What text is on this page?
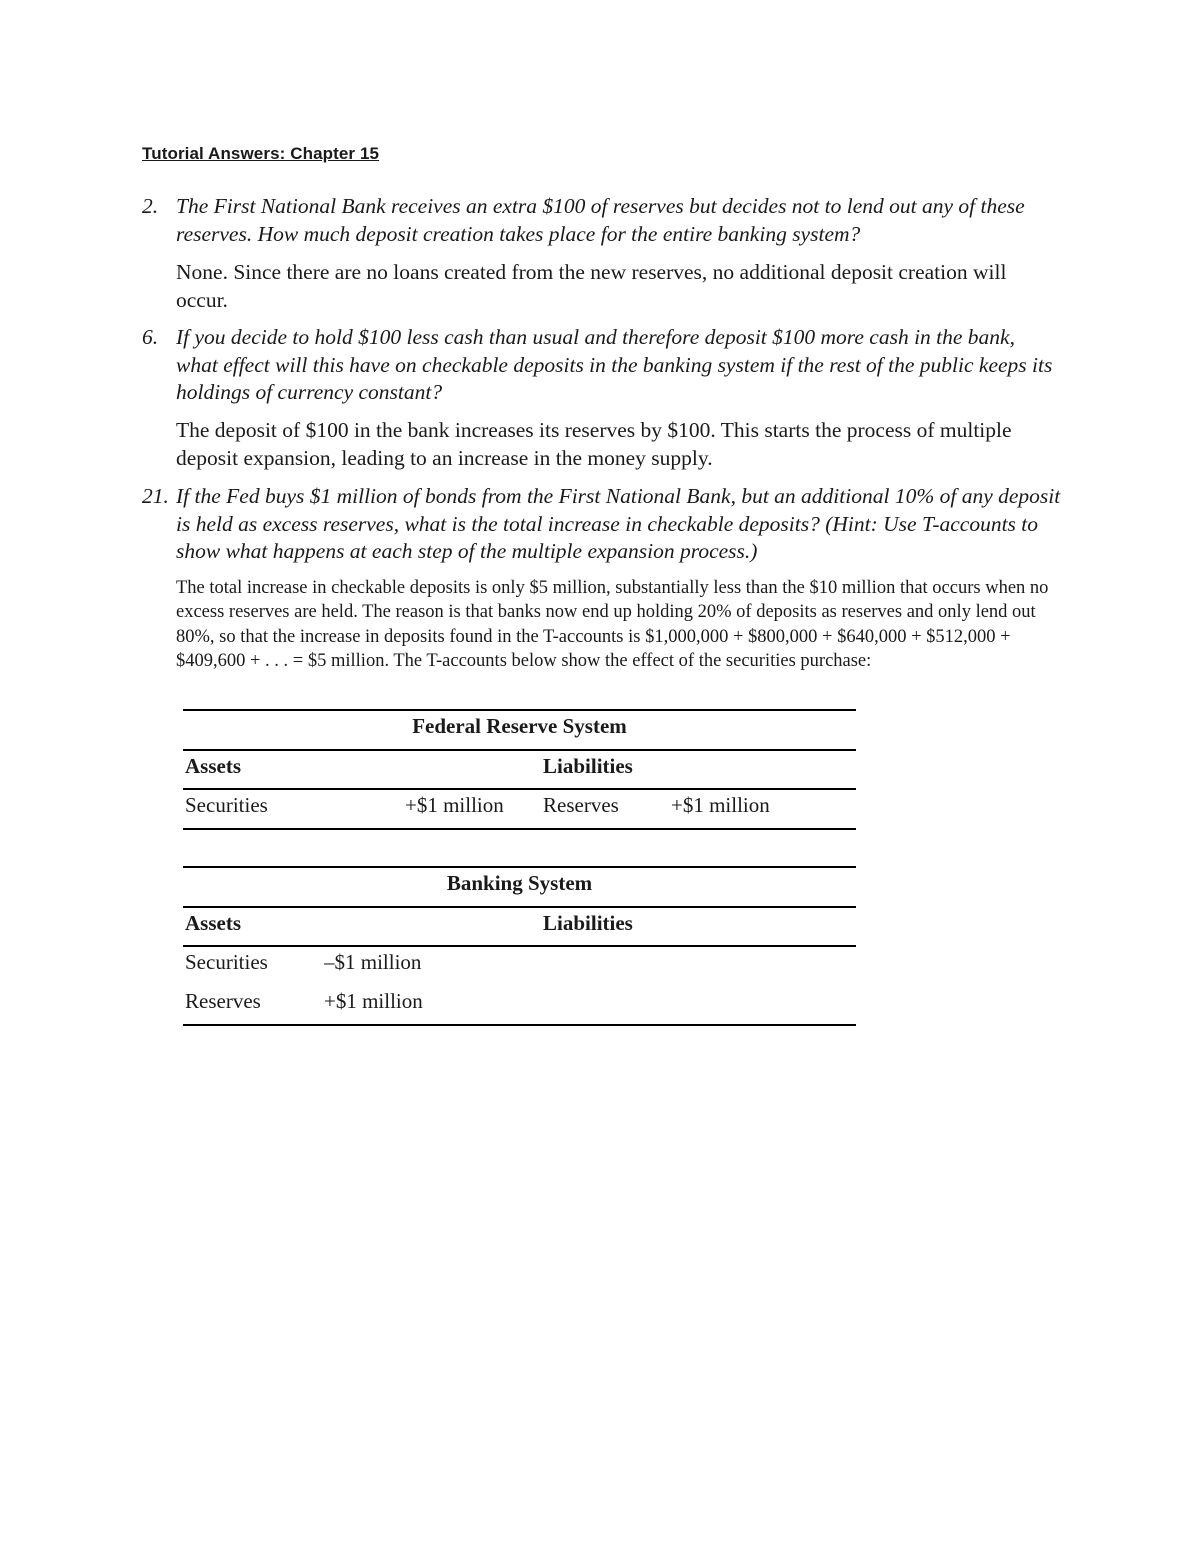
Tutorial Answers: Chapter 15
2. The First National Bank receives an extra $100 of reserves but decides not to lend out any of these reserves. How much deposit creation takes place for the entire banking system?
None. Since there are no loans created from the new reserves, no additional deposit creation will occur.
6. If you decide to hold $100 less cash than usual and therefore deposit $100 more cash in the bank, what effect will this have on checkable deposits in the banking system if the rest of the public keeps its holdings of currency constant?
The deposit of $100 in the bank increases its reserves by $100. This starts the process of multiple deposit expansion, leading to an increase in the money supply.
21. If the Fed buys $1 million of bonds from the First National Bank, but an additional 10% of any deposit is held as excess reserves, what is the total increase in checkable deposits? (Hint: Use T-accounts to show what happens at each step of the multiple expansion process.)
The total increase in checkable deposits is only $5 million, substantially less than the $10 million that occurs when no excess reserves are held. The reason is that banks now end up holding 20% of deposits as reserves and only lend out 80%, so that the increase in deposits found in the T-accounts is $1,000,000 + $800,000 + $640,000 + $512,000 + $409,600 + . . . = $5 million. The T-accounts below show the effect of the securities purchase:
Federal Reserve System
Assets	Liabilities
Securities	+$1 million Reserves +$1 million
Banking System
Assets	Liabilities
Securities	–$1 million
Reserves	+$1 million
